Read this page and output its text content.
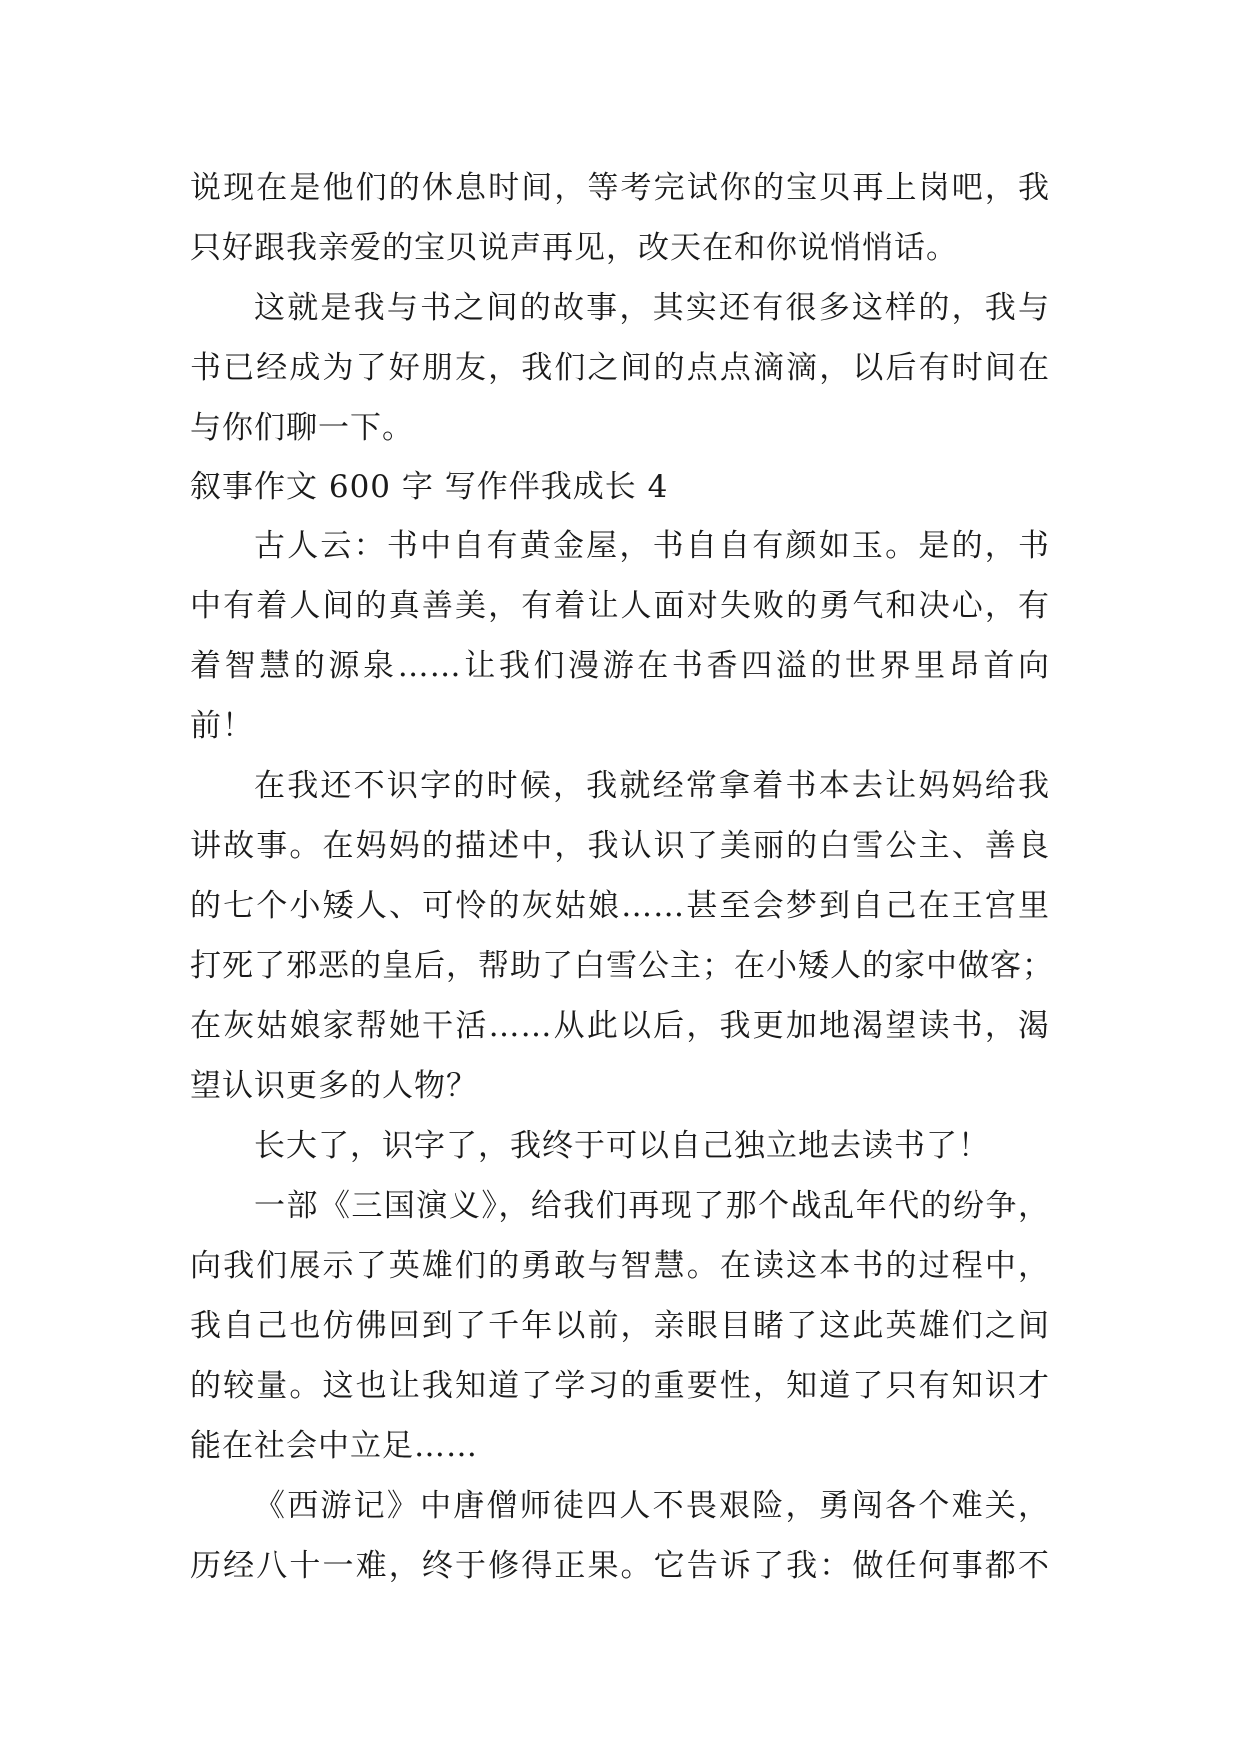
说现在是他们的休息时间，等考完试你的宝贝再上岗吧，我
只好跟我亲爱的宝贝说声再见，改天在和你说悄悄话。
这就是我与书之间的故事，其实还有很多这样的，我与
书已经成为了好朋友，我们之间的点点滴滴，以后有时间在
与你们聊一下。
叙事作文 600 字 写作伴我成长 4
古人云：书中自有黄金屋，书自自有颜如玉。是的，书
中有着人间的真善美，有着让人面对失败的勇气和决心，有
着智慧的源泉……让我们漫游在书香四溢的世界里昂首向
前！
在我还不识字的时候，我就经常拿着书本去让妈妈给我
讲故事。在妈妈的描述中，我认识了美丽的白雪公主、善良
的七个小矮人、可怜的灰姑娘……甚至会梦到自己在王宫里
打死了邪恶的皇后，帮助了白雪公主；在小矮人的家中做客；
在灰姑娘家帮她干活……从此以后，我更加地渴望读书，渴
望认识更多的人物？
长大了，识字了，我终于可以自己独立地去读书了！
一部《三国演义》，给我们再现了那个战乱年代的纷争，
向我们展示了英雄们的勇敢与智慧。在读这本书的过程中，
我自己也仿佛回到了千年以前，亲眼目睹了这此英雄们之间
的较量。这也让我知道了学习的重要性，知道了只有知识才
能在社会中立足……
《西游记》中唐僧师徒四人不畏艰险，勇闯各个难关，
历经八十一难，终于修得正果。它告诉了我：做任何事都不
